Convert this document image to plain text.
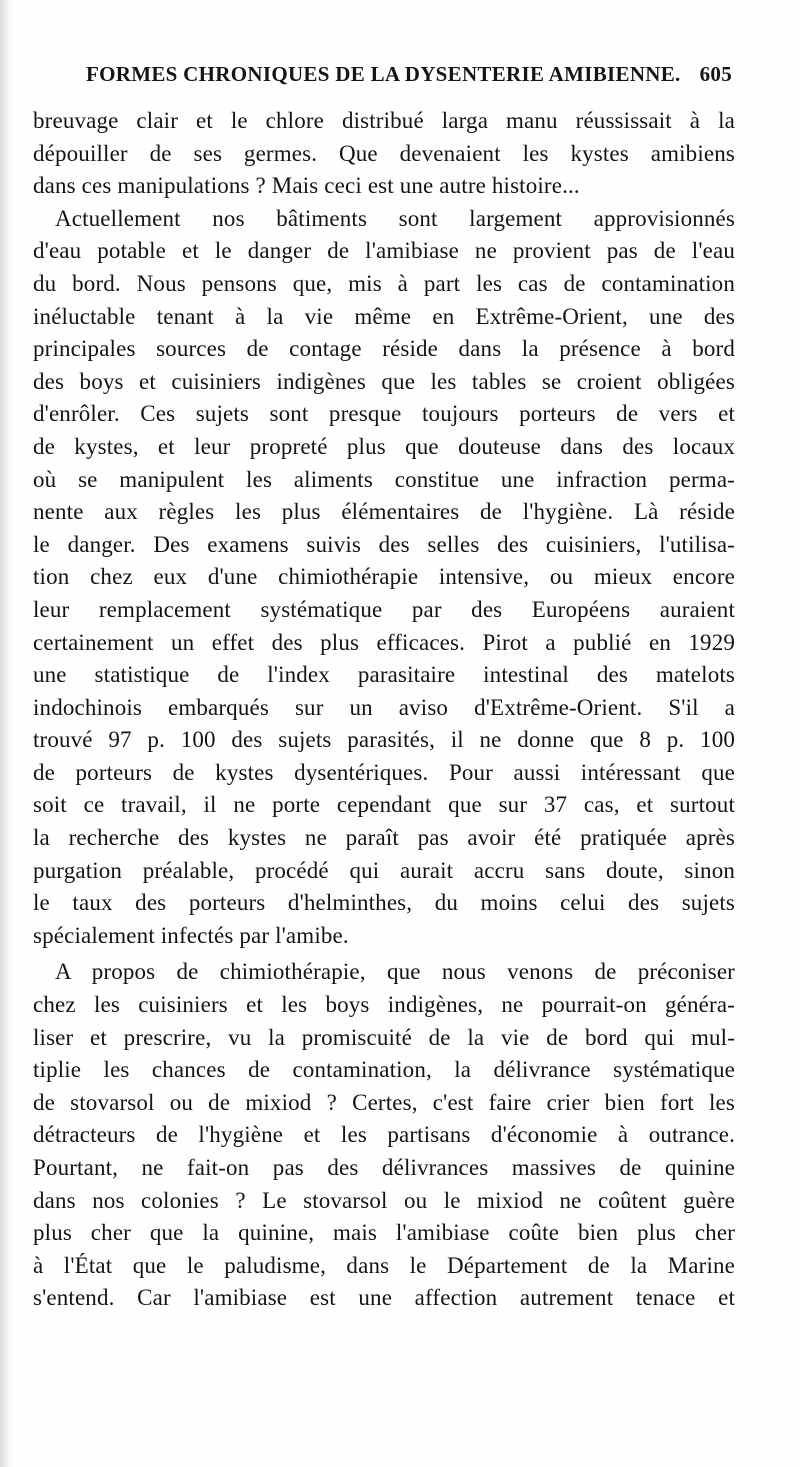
FORMES CHRONIQUES DE LA DYSENTERIE AMIBIENNE. 605
breuvage clair et le chlore distribué larga manu réussissait à la
dépouiller de ses germes. Que devenaient les kystes amibiens
dans ces manipulations ? Mais ceci est une autre histoire...
Actuellement nos bâtiments sont largement approvisionnés
d'eau potable et le danger de l'amibiase ne provient pas de l'eau
du bord. Nous pensons que, mis à part les cas de contamination
inéluctable tenant à la vie même en Extrême-Orient, une des
principales sources de contage réside dans la présence à bord
des boys et cuisiniers indigènes que les tables se croient obligées
d'enrôler. Ces sujets sont presque toujours porteurs de vers et
de kystes, et leur propreté plus que douteuse dans des locaux
où se manipulent les aliments constitue une infraction perma-
nente aux règles les plus élémentaires de l'hygiène. Là réside
le danger. Des examens suivis des selles des cuisiniers, l'utilisa-
tion chez eux d'une chimiothérapie intensive, ou mieux encore
leur remplacement systématique par des Européens auraient
certainement un effet des plus efficaces. Pirot a publié en 1929
une statistique de l'index parasitaire intestinal des matelots
indochinois embarqués sur un aviso d'Extrême-Orient. S'il a
trouvé 97 p. 100 des sujets parasités, il ne donne que 8 p. 100
de porteurs de kystes dysentériques. Pour aussi intéressant que
soit ce travail, il ne porte cependant que sur 37 cas, et surtout
la recherche des kystes ne paraît pas avoir été pratiquée après
purgation préalable, procédé qui aurait accru sans doute, sinon
le taux des porteurs d'helminthes, du moins celui des sujets
spécialement infectés par l'amibe.
A propos de chimiothérapie, que nous venons de préconiser
chez les cuisiniers et les boys indigènes, ne pourrait-on généra-
liser et prescrire, vu la promiscuité de la vie de bord qui mul-
tiplie les chances de contamination, la délivrance systématique
de stovarsol ou de mixiod ? Certes, c'est faire crier bien fort les
détracteurs de l'hygiène et les partisans d'économie à outrance.
Pourtant, ne fait-on pas des délivrances massives de quinine
dans nos colonies ? Le stovarsol ou le mixiod ne coûtent guère
plus cher que la quinine, mais l'amibiase coûte bien plus cher
à l'État que le paludisme, dans le Département de la Marine
s'entend. Car l'amibiase est une affection autrement tenace et
